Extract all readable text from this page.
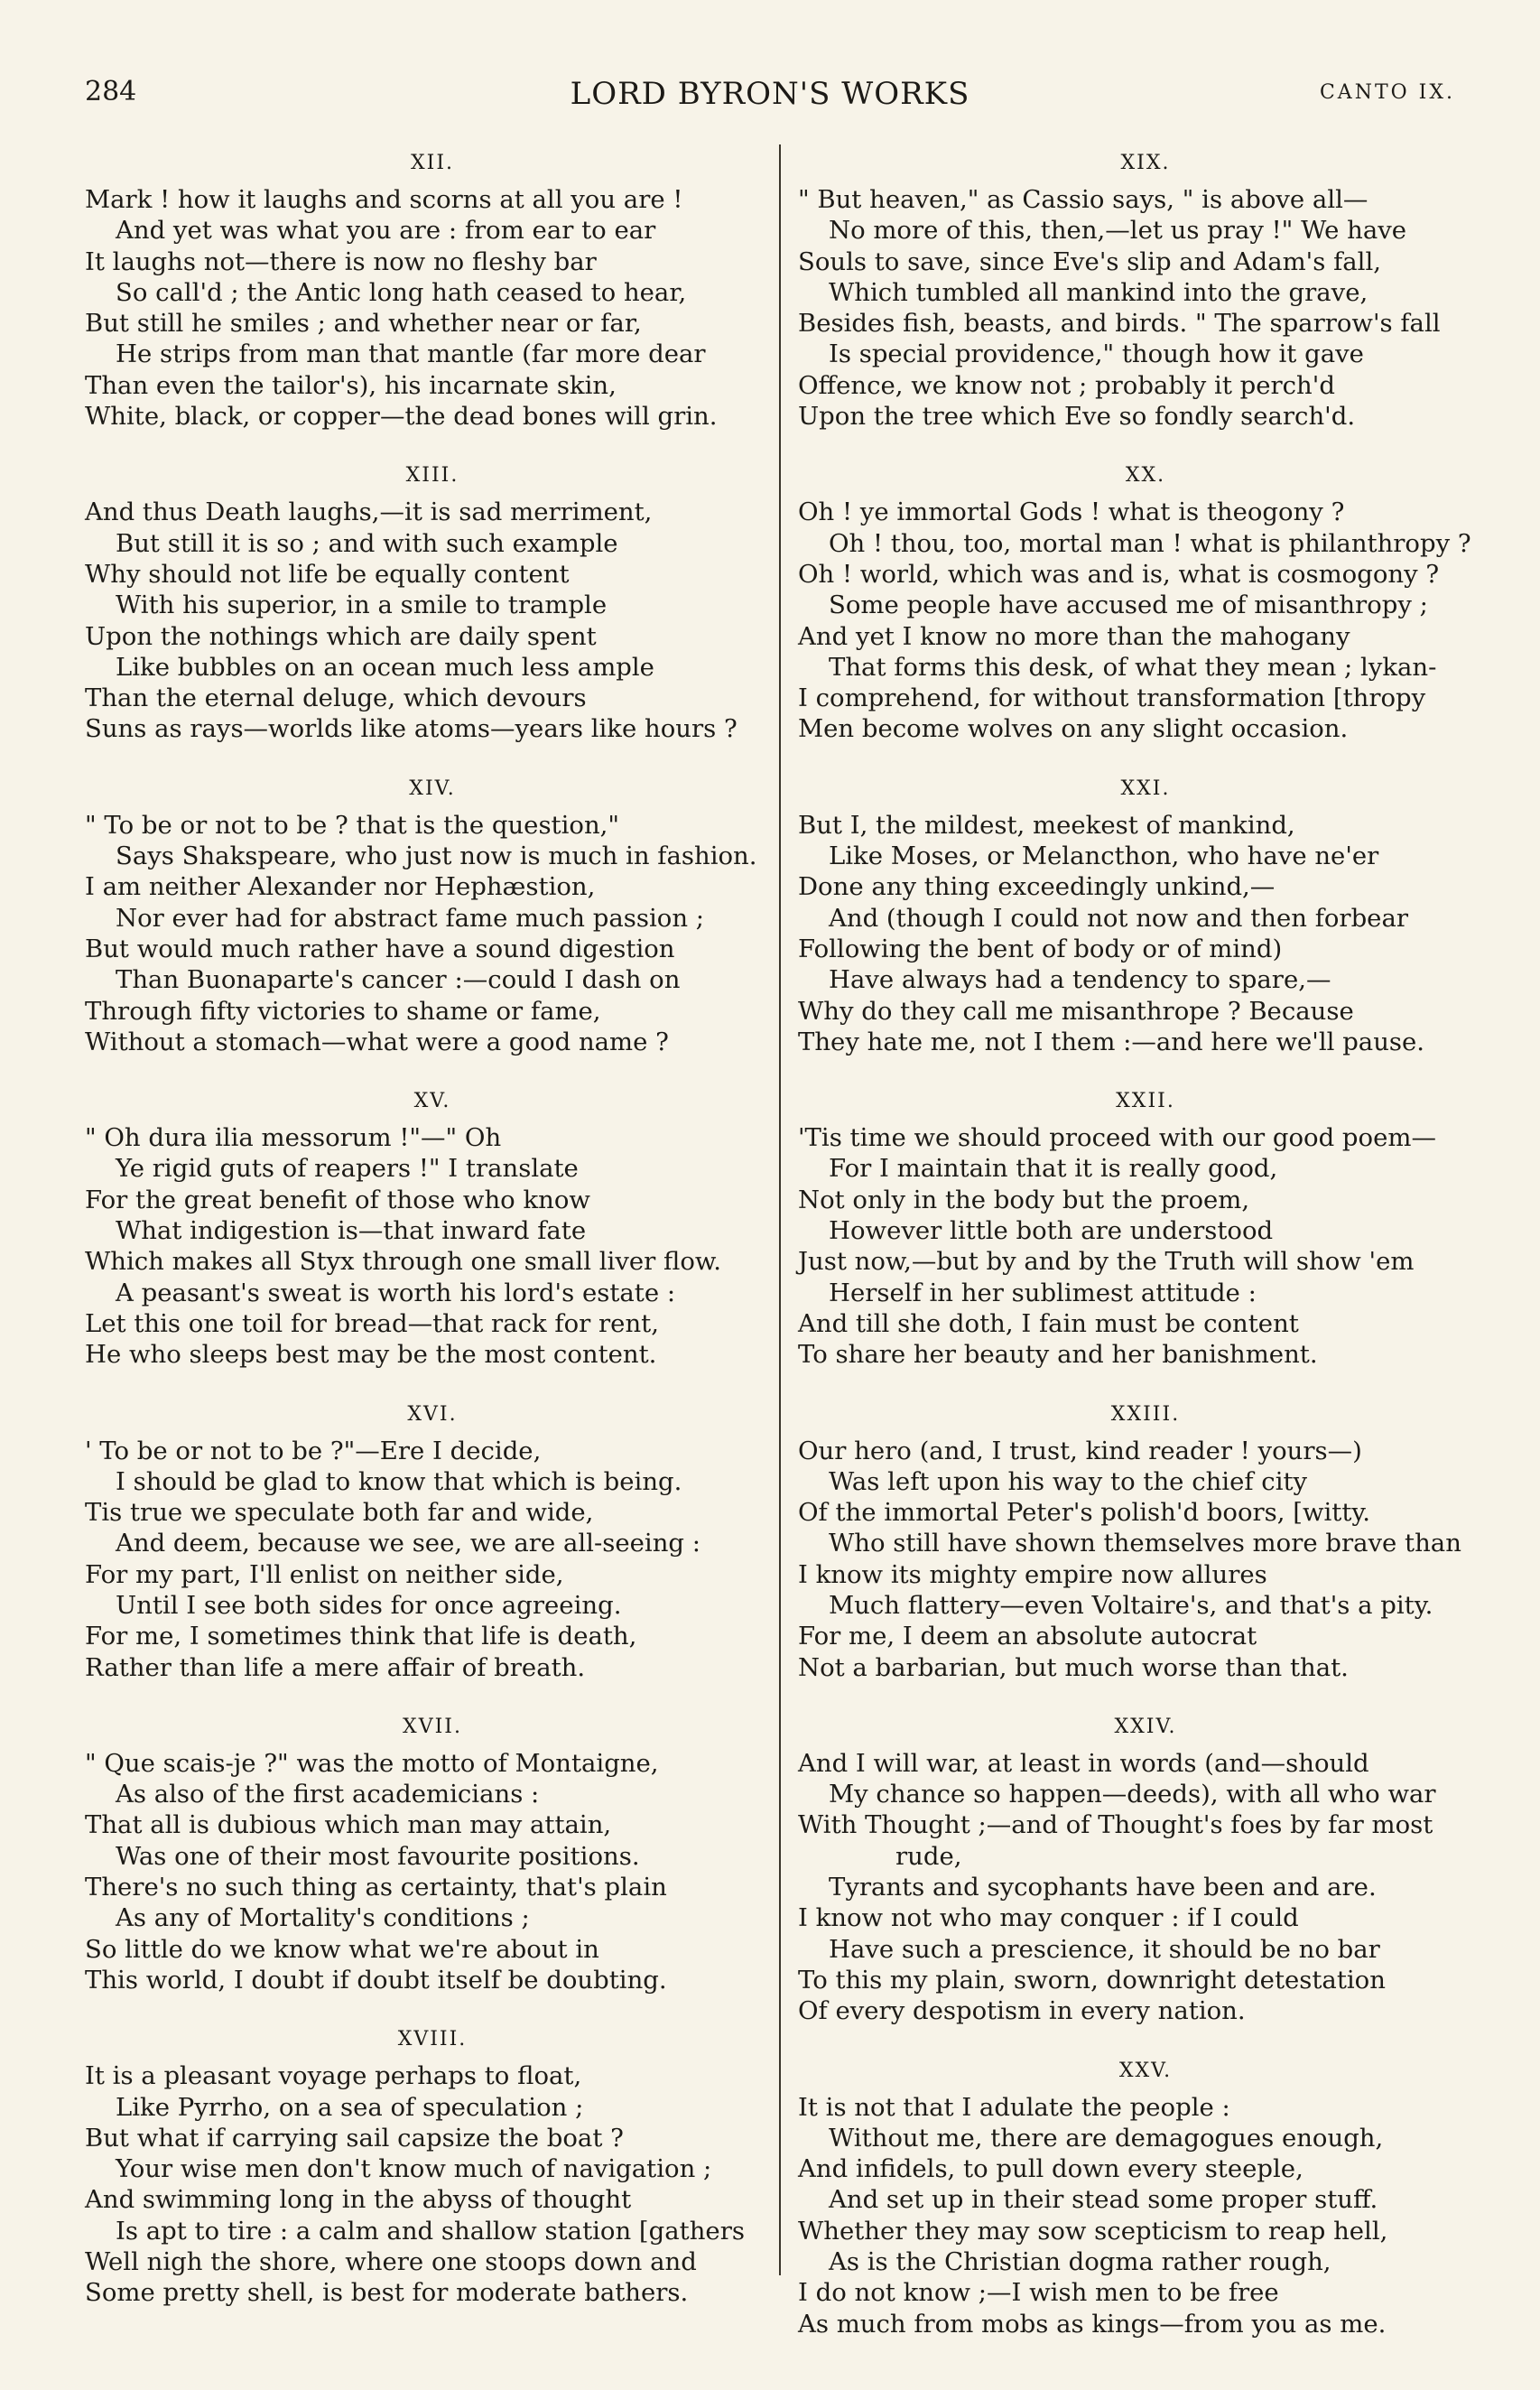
284	LORD BYRON'S WORKS	CANTO IX.
XII.
Mark ! how it laughs and scorns at all you are !
And yet was what you are : from ear to ear
It laughs not—there is now no fleshy bar
So call'd ; the Antic long hath ceased to hear,
But still he smiles ; and whether near or far,
He strips from man that mantle (far more dear
Than even the tailor's), his incarnate skin,
White, black, or copper—the dead bones will grin.
XIII.
And thus Death laughs,—it is sad merriment,
But still it is so ; and with such example
Why should not life be equally content
With his superior, in a smile to trample
Upon the nothings which are daily spent
Like bubbles on an ocean much less ample
Than the eternal deluge, which devours
Suns as rays—worlds like atoms—years like hours ?
XIV.
" To be or not to be ? that is the question,"
Says Shakspeare, who just now is much in fashion.
I am neither Alexander nor Hephæstion,
Nor ever had for abstract fame much passion ;
But would much rather have a sound digestion
Than Buonaparte's cancer :—could I dash on
Through fifty victories to shame or fame,
Without a stomach—what were a good name ?
XV.
" Oh dura ilia messorum !"—" Oh
Ye rigid guts of reapers !" I translate
For the great benefit of those who know
What indigestion is—that inward fate
Which makes all Styx through one small liver flow.
A peasant's sweat is worth his lord's estate :
Let this one toil for bread—that rack for rent,
He who sleeps best may be the most content.
XVI.
' To be or not to be ?"—Ere I decide,
I should be glad to know that which is being.
Tis true we speculate both far and wide,
And deem, because we see, we are all-seeing :
For my part, I'll enlist on neither side,
Until I see both sides for once agreeing.
For me, I sometimes think that life is death,
Rather than life a mere affair of breath.
XVII.
" Que scais-je ?" was the motto of Montaigne,
As also of the first academicians :
That all is dubious which man may attain,
Was one of their most favourite positions.
There's no such thing as certainty, that's plain
As any of Mortality's conditions ;
So little do we know what we're about in
This world, I doubt if doubt itself be doubting.
XVIII.
It is a pleasant voyage perhaps to float,
Like Pyrrho, on a sea of speculation ;
But what if carrying sail capsize the boat ?
Your wise men don't know much of navigation ;
And swimming long in the abyss of thought
Is apt to tire : a calm and shallow station [gathers
Well nigh the shore, where one stoops down and
Some pretty shell, is best for moderate bathers.
XIX.
" But heaven," as Cassio says, " is above all—
No more of this, then,—let us pray !" We have
Souls to save, since Eve's slip and Adam's fall,
Which tumbled all mankind into the grave,
Besides fish, beasts, and birds. " The sparrow's fall
Is special providence," though how it gave
Offence, we know not ; probably it perch'd
Upon the tree which Eve so fondly search'd.
XX.
Oh ! ye immortal Gods ! what is theogony ?
Oh ! thou, too, mortal man ! what is philanthropy ?
Oh ! world, which was and is, what is cosmogony ?
Some people have accused me of misanthropy ;
And yet I know no more than the mahogany
That forms this desk, of what they mean ; lykan-
I comprehend, for without transformation [thropy
Men become wolves on any slight occasion.
XXI.
But I, the mildest, meekest of mankind,
Like Moses, or Melancthon, who have ne'er
Done any thing exceedingly unkind,—
And (though I could not now and then forbear
Following the bent of body or of mind)
Have always had a tendency to spare,—
Why do they call me misanthrope ? Because
They hate me, not I them :—and here we'll pause.
XXII.
'Tis time we should proceed with our good poem—
For I maintain that it is really good,
Not only in the body but the proem,
However little both are understood
Just now,—but by and by the Truth will show 'em
Herself in her sublimest attitude :
And till she doth, I fain must be content
To share her beauty and her banishment.
XXIII.
Our hero (and, I trust, kind reader ! yours—)
Was left upon his way to the chief city
Of the immortal Peter's polish'd boors, [witty.
Who still have shown themselves more brave than
I know its mighty empire now allures
Much flattery—even Voltaire's, and that's a pity.
For me, I deem an absolute autocrat
Not a barbarian, but much worse than that.
XXIV.
And I will war, at least in words (and—should
My chance so happen—deeds), with all who war
With Thought ;—and of Thought's foes by far most
rude,
Tyrants and sycophants have been and are.
I know not who may conquer : if I could
Have such a prescience, it should be no bar
To this my plain, sworn, downright detestation
Of every despotism in every nation.
XXV.
It is not that I adulate the people :
Without me, there are demagogues enough,
And infidels, to pull down every steeple,
And set up in their stead some proper stuff.
Whether they may sow scepticism to reap hell,
As is the Christian dogma rather rough,
I do not know ;—I wish men to be free
As much from mobs as kings—from you as me.
